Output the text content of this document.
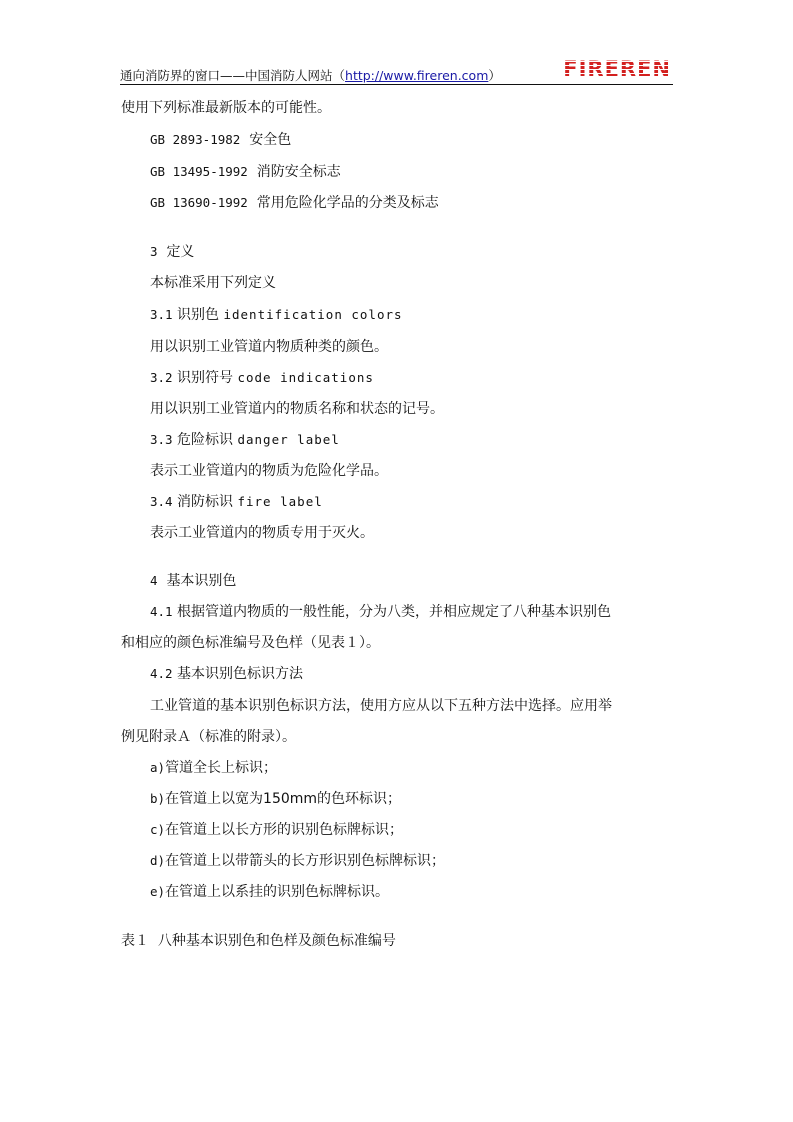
通向消防界的窗口——中国消防人网站（http://www.fireren.com）	FIREREN
使用下列标准最新版本的可能性。
GB 2893-1982 安全色
GB 13495-1992 消防安全标志
GB 13690-1992 常用危险化学品的分类及标志
3 定义
本标准采用下列定义
3.1 识别色 identification colors
用以识别工业管道内物质种类的颜色。
3.2 识别符号 code indications
用以识别工业管道内的物质名称和状态的记号。
3.3 危险标识 danger label
表示工业管道内的物质为危险化学品。
3.4 消防标识 fire label
表示工业管道内的物质专用于灭火。
4 基本识别色
4.1 根据管道内物质的一般性能，分为八类，并相应规定了八种基本识别色
和相应的颜色标准编号及色样（见表１）。
4.2 基本识别色标识方法
工业管道的基本识别色标识方法，使用方应从以下五种方法中选择。应用举
例见附录Ａ（标准的附录）。
a)管道全长上标识；
b)在管道上以宽为150mm的色环标识；
c)在管道上以长方形的识别色标牌标识；
d)在管道上以带箭头的长方形识别色标牌标识；
e)在管道上以系挂的识别色标牌标识。
表１ 八种基本识别色和色样及颜色标准编号
